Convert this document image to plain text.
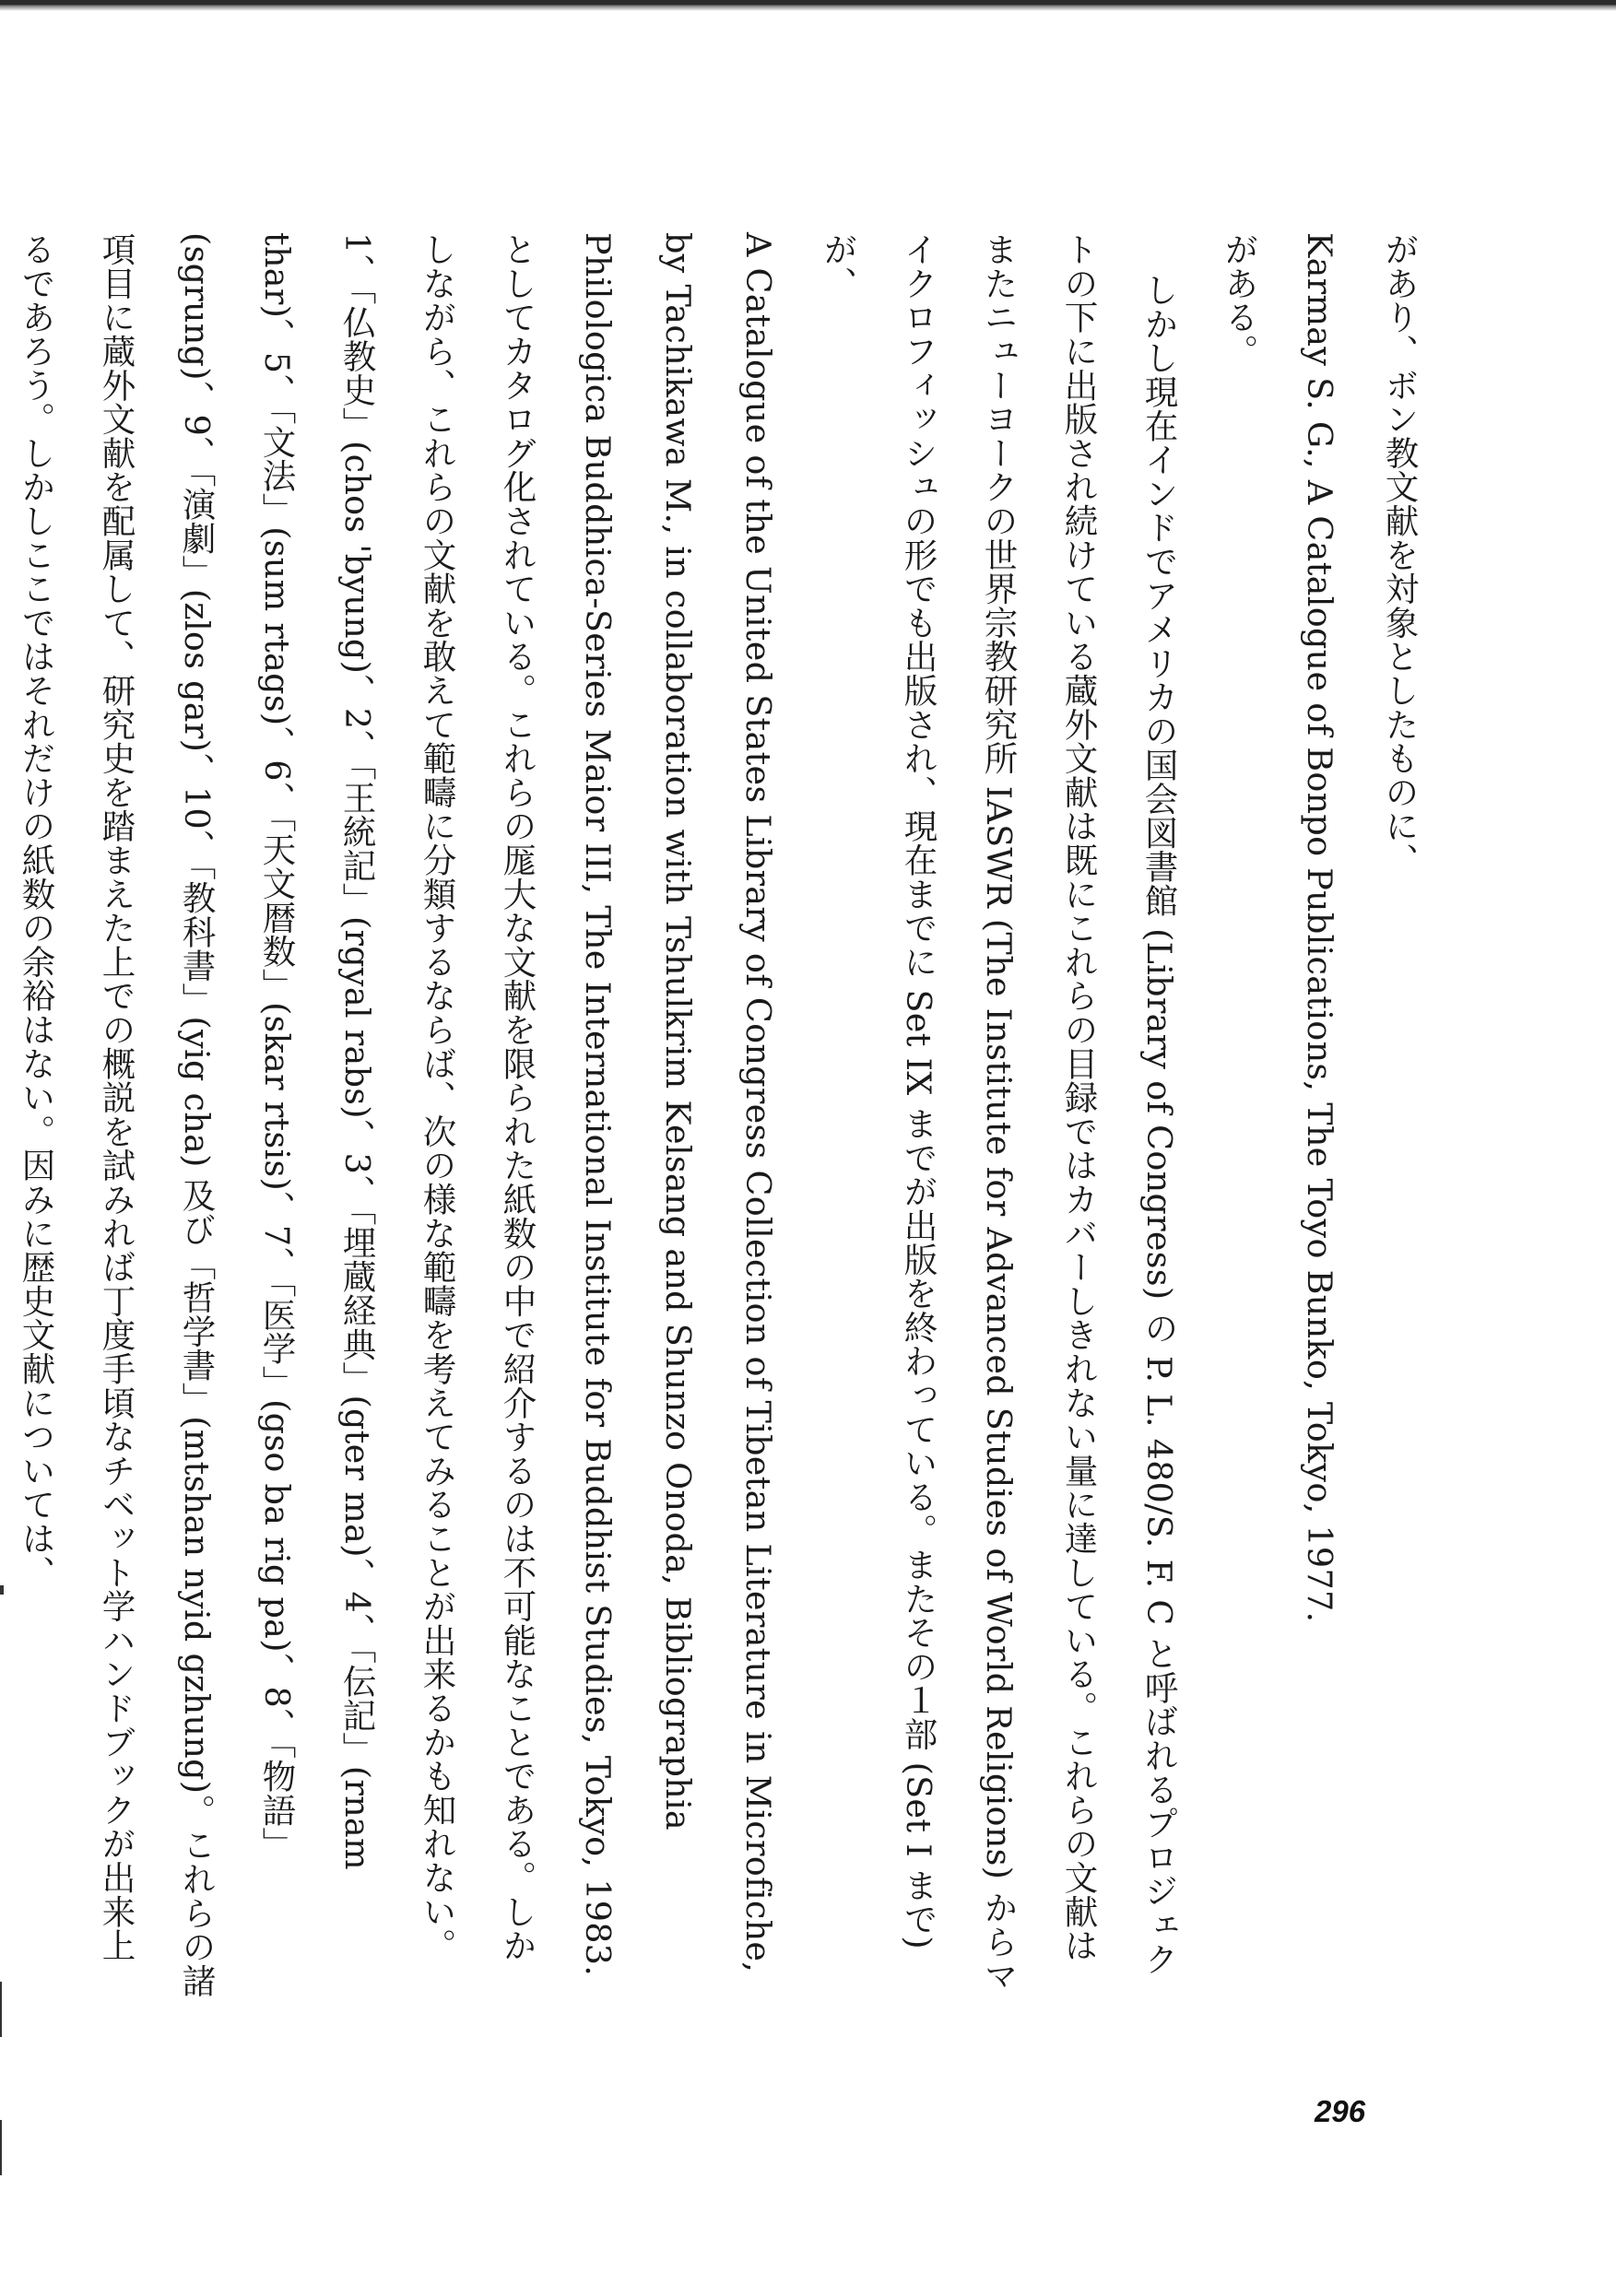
があり、ボン教文献を対象としたものに、

Karmay S. G., A Catalogue of Bonpo Publications, The Toyo Bunko, Tokyo, 1977.

がある。

しかし現在インドでアメリカの国会図書館 (Library of Congress) の P. L. 480/S. F. C と呼ばれるプロジェク

トの下に出版され続けている蔵外文献は既にこれらの目録ではカバーしきれない量に達している。これらの文献は

またニューヨークの世界宗教研究所 IASWR (The Institute for Advanced Studies of World Religions) からマ

イクロフィッシュの形でも出版され、現在までに Set IX までが出版を終わっている。またその１部 (Set I まで)

が、

A Catalogue of the United States Library of Congress Collection of Tibetan Literature in Microfiche,

by Tachikawa M., in collaboration with Tshulkrim Kelsang and Shunzo Onoda, Bibliographia

Philologica Buddhica-Series Maior III, The International Institute for Buddhist Studies, Tokyo, 1983.

としてカタログ化されている。これらの厖大な文献を限られた紙数の中で紹介するのは不可能なことである。しか

しながら、これらの文献を敢えて範疇に分類するならば、次の様な範疇を考えてみることが出来るかも知れない。

1、「仏教史」(chos 'byung)、2、「王統記」(rgyal rabs)、3、「埋蔵経典」(gter ma)、4、「伝記」(rnam

thar)、5、「文法」(sum rtags)、6、「天文暦数」(skar rtsis)、7、「医学」(gso ba rig pa)、8、「物語」

(sgrung)、9、「演劇」(zlos gar)、10、「教科書」(yig cha) 及び「哲学書」(mtshan nyid gzhung)。これらの諸

項目に蔵外文献を配属して、研究史を踏まえた上での概説を試みれば丁度手頃なチベット学ハンドブックが出来上

るであろう。しかしここではそれだけの紙数の余裕はない。因みに歴史文献については、

296
